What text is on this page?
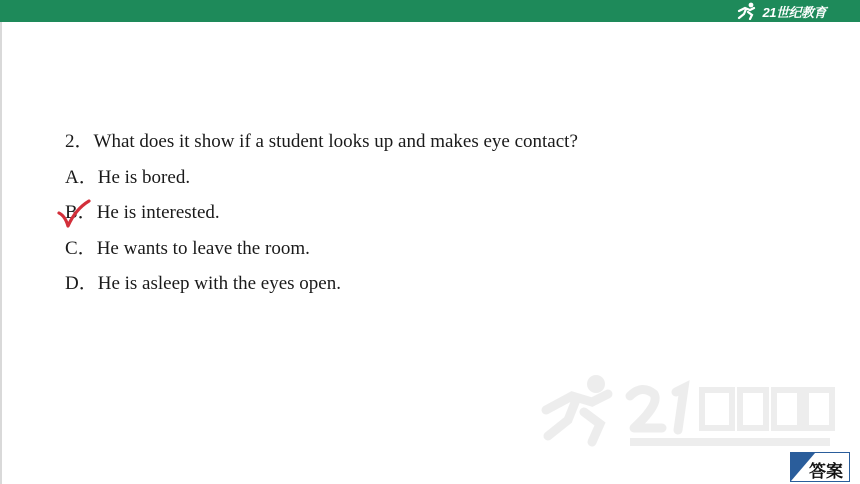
21世纪教育
2．What does it show if a student looks up and makes eye contact?
A．He is bored.
B．He is interested.
C．He wants to leave the room.
D．He is asleep with the eyes open.
答案
